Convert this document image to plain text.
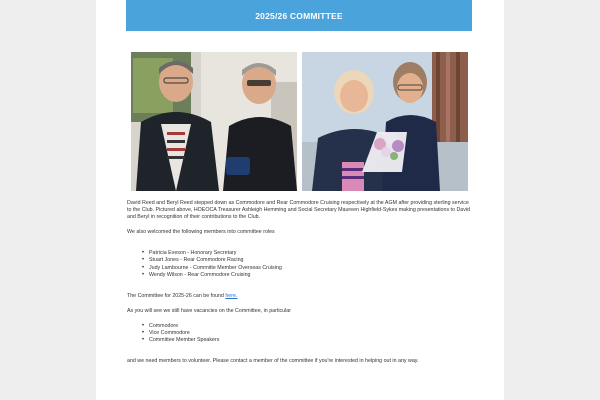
2025/26 COMMITTEE

David Reed and Beryl Reed stepped down as Commodore and Rear Commodore Cruising respectively at the AGM after providing sterling service to the Club. Pictured above, HOEOCA Treasurer Ashleigh Hemming and Social Secretary Maureen Highfield-Sykes making presentations to David and Beryl in recognition of their contributions to the Club.

We also welcomed the following members into committee roles

• Patricia Eveson - Honorary Secretary
• Stuart Jones - Rear Commodore Racing
• Judy Lambourne - Committe Member Overseas Cruising
• Wendy Wilson - Rear Commodore Cruising

The Committee for 2025-26 can be found here.

As you will see we still have vacancies on the Committee, in particular

• Commodore
• Vice Commodore
• Committee Member Speakers

and we need members to volunteer. Please contact a member of the committee if you're interested in helping out in any way.
